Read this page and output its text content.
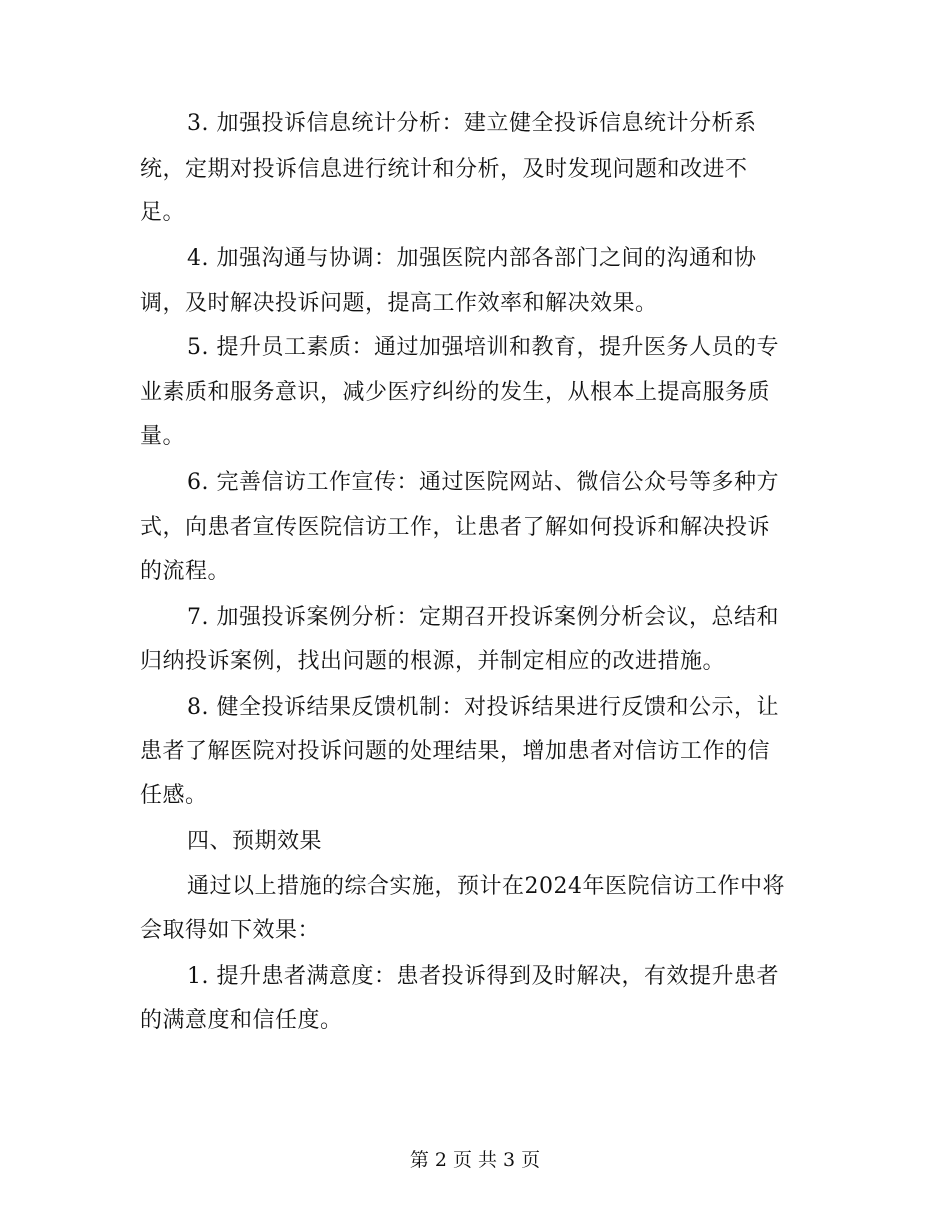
3. 加强投诉信息统计分析：建立健全投诉信息统计分析系
统，定期对投诉信息进行统计和分析，及时发现问题和改进不
足。
4. 加强沟通与协调：加强医院内部各部门之间的沟通和协
调，及时解决投诉问题，提高工作效率和解决效果。
5. 提升员工素质：通过加强培训和教育，提升医务人员的专
业素质和服务意识，减少医疗纠纷的发生，从根本上提高服务质
量。
6. 完善信访工作宣传：通过医院网站、微信公众号等多种方
式，向患者宣传医院信访工作，让患者了解如何投诉和解决投诉
的流程。
7. 加强投诉案例分析：定期召开投诉案例分析会议，总结和
归纳投诉案例，找出问题的根源，并制定相应的改进措施。
8. 健全投诉结果反馈机制：对投诉结果进行反馈和公示，让
患者了解医院对投诉问题的处理结果，增加患者对信访工作的信
任感。
四、预期效果
通过以上措施的综合实施，预计在2024年医院信访工作中将
会取得如下效果：
1. 提升患者满意度：患者投诉得到及时解决，有效提升患者
的满意度和信任度。
第 2 页 共 3 页
